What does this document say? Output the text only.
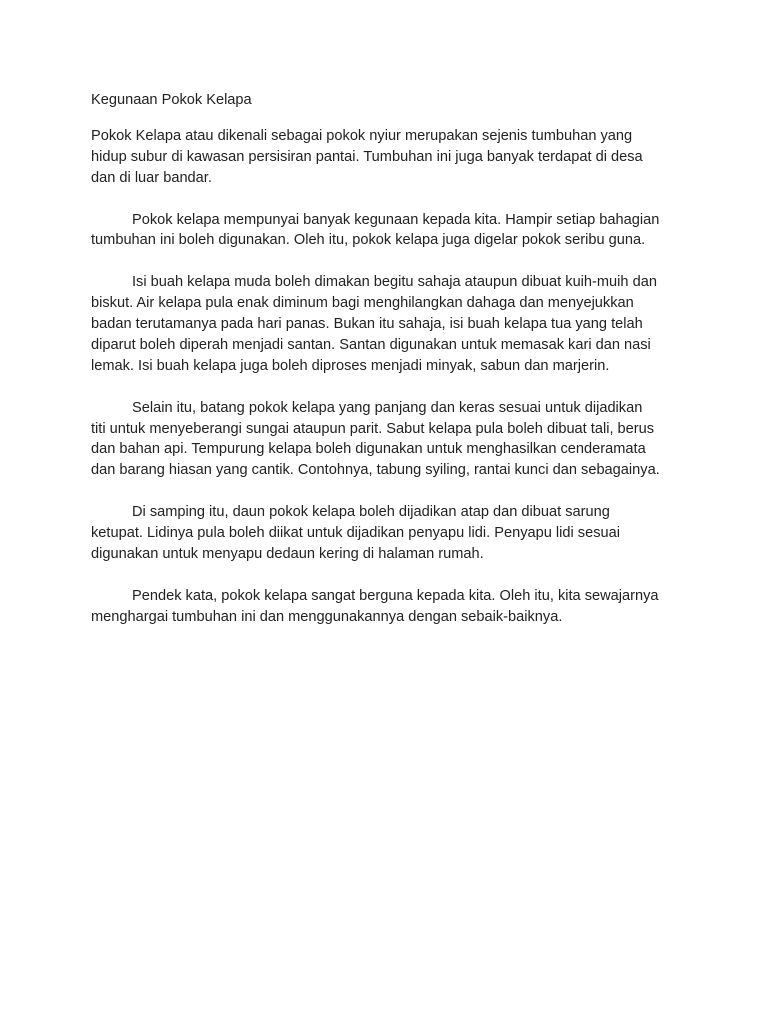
Kegunaan Pokok Kelapa

Pokok Kelapa atau dikenali sebagai pokok nyiur merupakan sejenis tumbuhan yang
hidup subur di kawasan persisiran pantai. Tumbuhan ini juga banyak terdapat di desa
dan di luar bandar.

Pokok kelapa mempunyai banyak kegunaan kepada kita. Hampir setiap bahagian
tumbuhan ini boleh digunakan. Oleh itu, pokok kelapa juga digelar pokok seribu guna.

Isi buah kelapa muda boleh dimakan begitu sahaja ataupun dibuat kuih-muih dan
biskut. Air kelapa pula enak diminum bagi menghilangkan dahaga dan menyejukkan
badan terutamanya pada hari panas. Bukan itu sahaja, isi buah kelapa tua yang telah
diparut boleh diperah menjadi santan. Santan digunakan untuk memasak kari dan nasi
lemak. Isi buah kelapa juga boleh diproses menjadi minyak, sabun dan marjerin.

Selain itu, batang pokok kelapa yang panjang dan keras sesuai untuk dijadikan
titi untuk menyeberangi sungai ataupun parit. Sabut kelapa pula boleh dibuat tali, berus
dan bahan api. Tempurung kelapa boleh digunakan untuk menghasilkan cenderamata
dan barang hiasan yang cantik. Contohnya, tabung syiling, rantai kunci dan sebagainya.

Di samping itu, daun pokok kelapa boleh dijadikan atap dan dibuat sarung
ketupat. Lidinya pula boleh diikat untuk dijadikan penyapu lidi. Penyapu lidi sesuai
digunakan untuk menyapu dedaun kering di halaman rumah.

Pendek kata, pokok kelapa sangat berguna kepada kita. Oleh itu, kita sewajarnya
menghargai tumbuhan ini dan menggunakannya dengan sebaik-baiknya.
